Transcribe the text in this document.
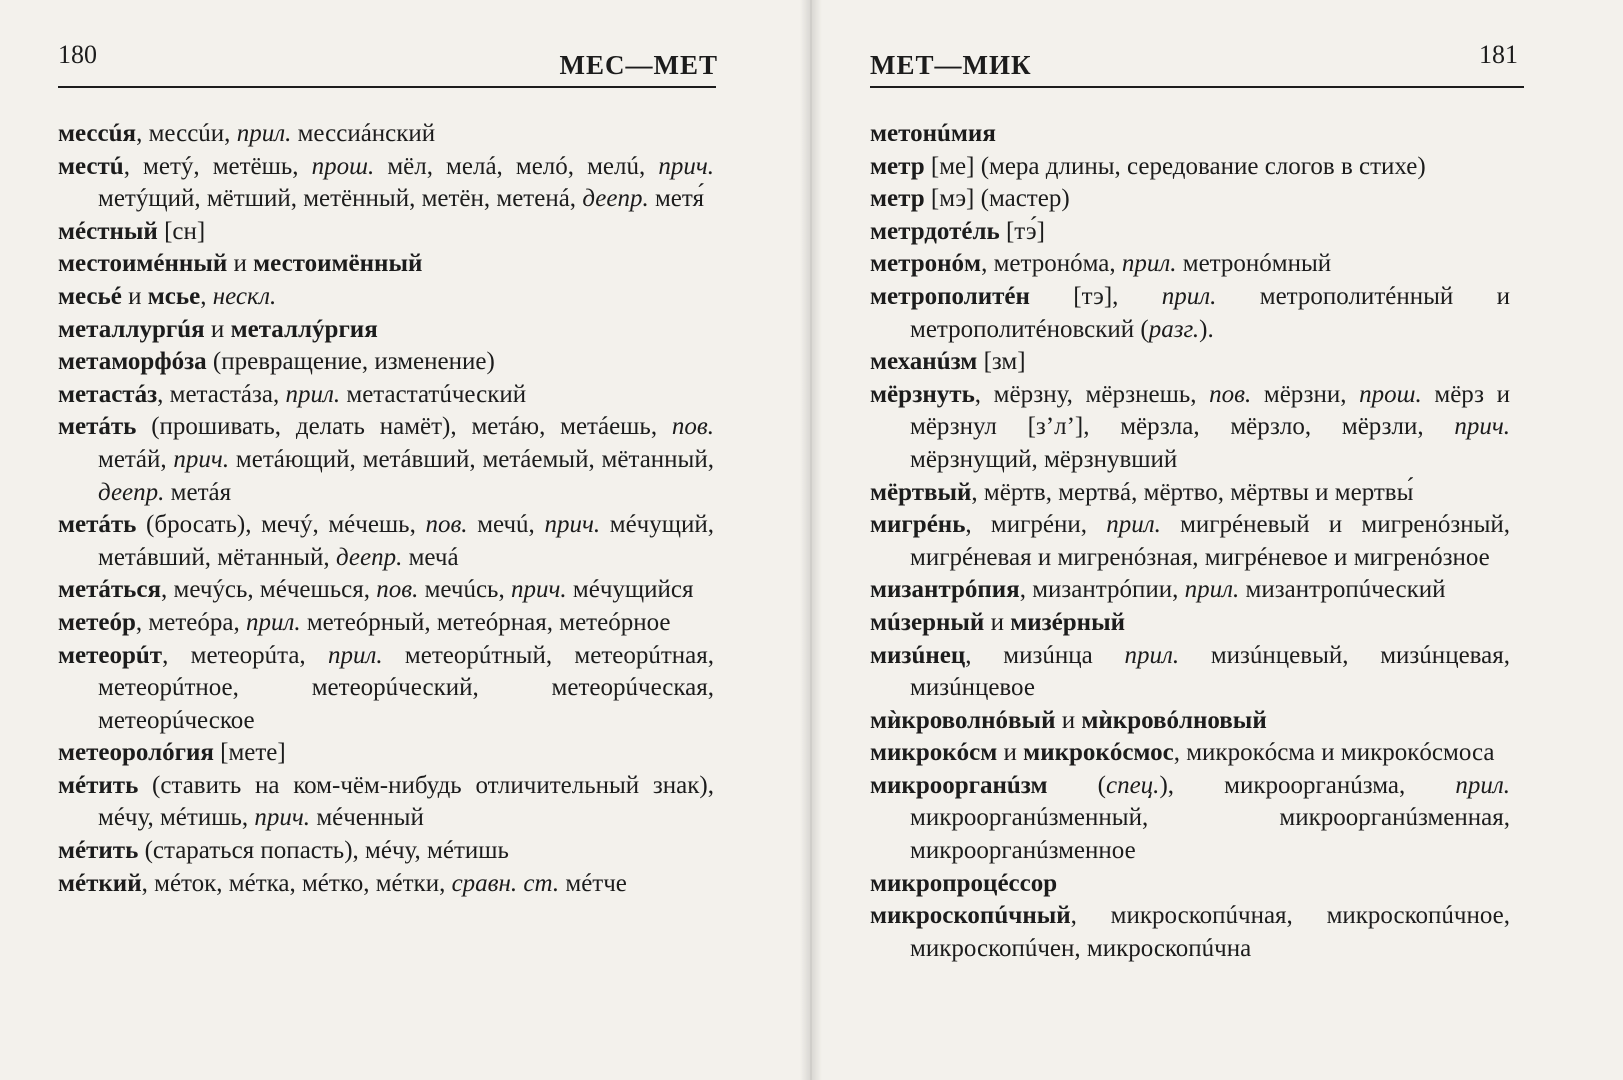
180	МЕС—МЕТ
мессúя, мессúи, прил. мессиáнский
местú, метý, метёшь, прош. мёл, мелá, мелó, мелú, прич. метýщий, мётший, метённый, метён, метенá, деепр. метя́
мéстный [сн]
местоимéнный и местоимённый
месьé и мсье, нескл.
металлургúя и металлýргия
метаморфóза (превращение, изменение)
метастáз, метастáза, прил. метастатúческий
метáть (прошивать, делать намёт), метáю, метáешь, пов. метáй, прич. метáющий, метáвший, метáемый, мётанный, деепр. метáя
метáть (бросать), мечý, мéчешь, пов. мечú, прич. мéчущий, метáвший, мётанный, деепр. мечá
метáться, мечýсь, мéчешься, пов. мечúсь, прич. мéчущийся
метеóр, метеóра, прил. метеóрный, метеóрная, метеóрное
метеорúт, метеорúта, прил. метеорúтный, метеорúтная, метеорúтное, метеорúческий, метеорúческая, метеорúческое
метеоролóгия [мете]
мéтить (ставить на ком-чём-нибудь отличительный знак), мéчу, мéтишь, прич. мéченный
мéтить (стараться попасть), мéчу, мéтишь
мéткий, мéток, мéтка, мéтко, мéтки, сравн. ст. мéтче
181
МЕТ—МИК
метонúмия
метр [ме] (мера длины, середование слогов в стихе)
метр [мэ] (мастер)
метрдотéль [тэ́]
метронóм, метронóма, прил. метронóмный
метрополитéн [тэ], прил. метрополитéнный и метрополитéновский (разг.).
механúзм [зм]
мёрзнуть, мёрзну, мёрзнешь, пов. мёрзни, прош. мёрз и мёрзнул [з’л’], мёрзла, мёрзло, мёрзли, прич. мёрзнущий, мёрзнувший
мёртвый, мёртв, мертвá, мёртво, мёртвы и мертвы́
мигрéнь, мигрéни, прил. мигрéневый и мигренóзный, мигрéневая и мигренóзная, мигрéневое и мигренóзное
мизантрóпия, мизантрóпии, прил. мизантропúческий
мúзерный и мизéрный
мизúнец, мизúнца прил. мизúнцевый, мизúнцевая, мизúнцевое
мѝкроволнóвый и мѝкровóлновый
микрокóсм и микрокóсмос, микрокóсма и микрокóсмоса
микроорганúзм (спец.), микроорганúзма, прил. микроорганúзменный, микроорганúзменная, микроорганúзменное
микропроцéссор
микроскопúчный, микроскопúчная, микроскопúчное, микроскопúчен, микроскопúчна
